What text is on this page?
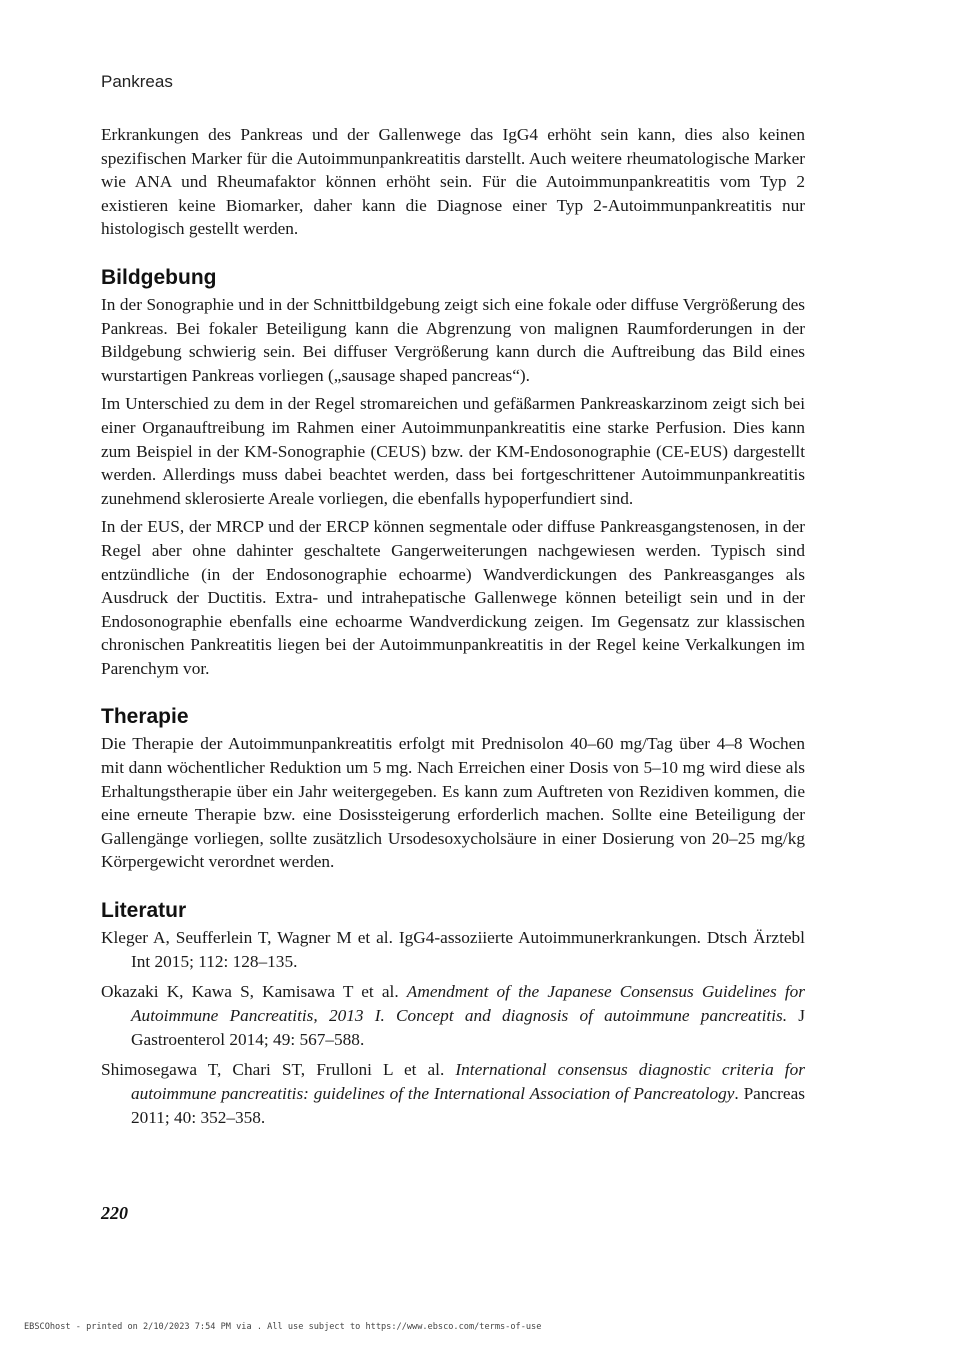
Pankreas

Erkrankungen des Pankreas und der Gallenwege das IgG4 erhöht sein kann, dies also keinen spezifischen Marker für die Autoimmunpankreatitis darstellt. Auch weitere rheumatologische Marker wie ANA und Rheumafaktor können erhöht sein. Für die Autoimmunpankreatitis vom Typ 2 existieren keine Biomarker, daher kann die Diagnose einer Typ 2-Autoimmunpankreatitis nur histologisch gestellt werden.

Bildgebung

In der Sonographie und in der Schnittbildgebung zeigt sich eine fokale oder diffuse Vergrößerung des Pankreas. Bei fokaler Beteiligung kann die Abgrenzung von malignen Raumforderungen in der Bildgebung schwierig sein. Bei diffuser Vergrößerung kann durch die Auftreibung das Bild eines wurstartigen Pankreas vorliegen („sausage shaped pancreas“).

Im Unterschied zu dem in der Regel stromareichen und gefäßarmen Pankreaskarzinom zeigt sich bei einer Organauftreibung im Rahmen einer Autoimmunpankreatitis eine starke Perfusion. Dies kann zum Beispiel in der KM-Sonographie (CEUS) bzw. der KM-Endosonographie (CE-EUS) dargestellt werden. Allerdings muss dabei beachtet werden, dass bei fortgeschrittener Autoimmunpankreatitis zunehmend sklerosierte Areale vorliegen, die ebenfalls hypoperfundiert sind.

In der EUS, der MRCP und der ERCP können segmentale oder diffuse Pankreasgangstenosen, in der Regel aber ohne dahinter geschaltete Gangerweiterungen nachgewiesen werden. Typisch sind entzündliche (in der Endosonographie echoarme) Wandverdickungen des Pankreasganges als Ausdruck der Ductitis. Extra- und intrahepatische Gallenwege können beteiligt sein und in der Endosonographie ebenfalls eine echoarme Wandverdickung zeigen. Im Gegensatz zur klassischen chronischen Pankreatitis liegen bei der Autoimmunpankreatitis in der Regel keine Verkalkungen im Parenchym vor.

Therapie

Die Therapie der Autoimmunpankreatitis erfolgt mit Prednisolon 40–60 mg/Tag über 4–8 Wochen mit dann wöchentlicher Reduktion um 5 mg. Nach Erreichen einer Dosis von 5–10 mg wird diese als Erhaltungstherapie über ein Jahr weitergegeben. Es kann zum Auftreten von Rezidiven kommen, die eine erneute Therapie bzw. eine Dosissteigerung erforderlich machen. Sollte eine Beteiligung der Gallengänge vorliegen, sollte zusätzlich Ursodesoxycholsäure in einer Dosierung von 20–25 mg/kg Körpergewicht verordnet werden.

Literatur
Kleger A, Seufferlein T, Wagner M et al. IgG4-assoziierte Autoimmunerkrankungen. Dtsch Ärztebl Int 2015; 112: 128–135.
Okazaki K, Kawa S, Kamisawa T et al. Amendment of the Japanese Consensus Guidelines for Autoimmune Pancreatitis, 2013 I. Concept and diagnosis of autoimmune pancreatitis. J Gastroenterol 2014; 49: 567–588.
Shimosegawa T, Chari ST, Frulloni L et al. International consensus diagnostic criteria for autoimmune pancreatitis: guidelines of the International Association of Pancreatology. Pancreas 2011; 40: 352–358.
220
EBSCOhost - printed on 2/10/2023 7:54 PM via . All use subject to https://www.ebsco.com/terms-of-use
